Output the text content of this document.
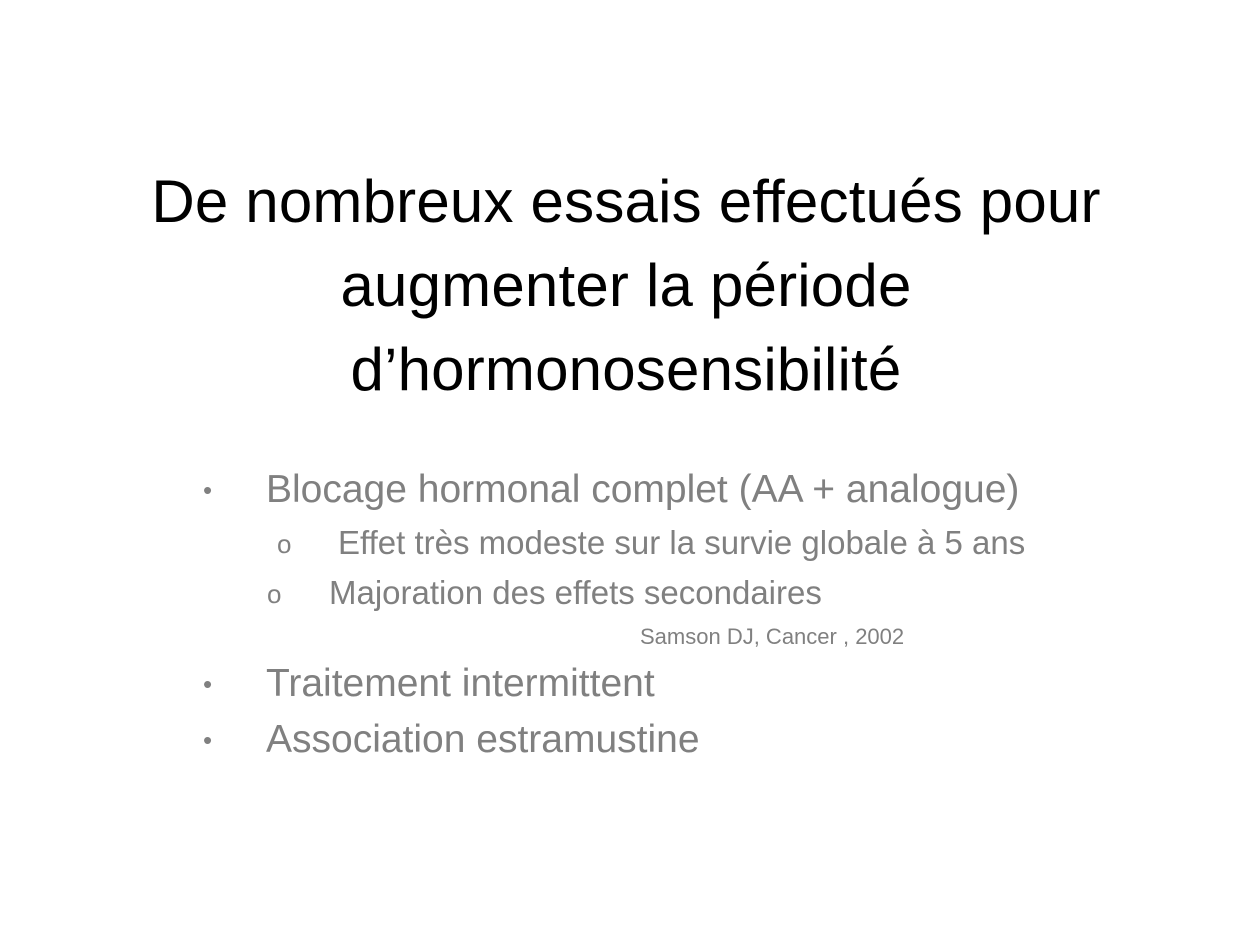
De nombreux essais effectués pour
augmenter la période
d’hormonosensibilité
• Blocage hormonal complet (AA + analogue)
o Effet très modeste sur la survie globale à 5 ans
o Majoration des effets secondaires
Samson DJ, Cancer , 2002
• Traitement intermittent
• Association estramustine
